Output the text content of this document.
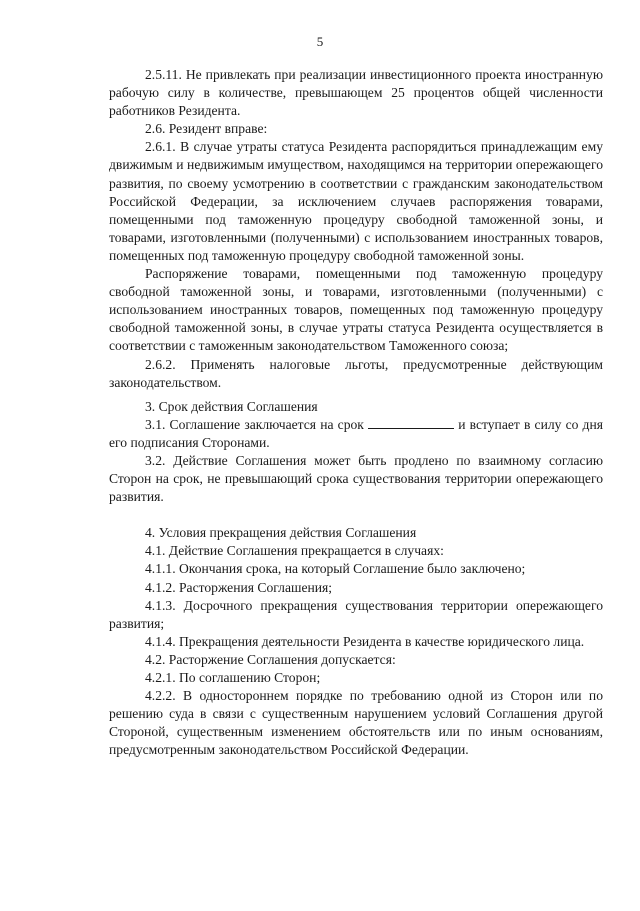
5

2.5.11. Не привлекать при реализации инвестиционного проекта иностранную рабочую силу в количестве, превышающем 25 процентов общей численности работников Резидента.

2.6. Резидент вправе:

2.6.1. В случае утраты статуса Резидента распорядиться принадлежащим ему движимым и недвижимым имуществом, находящимся на территории опережающего развития, по своему усмотрению в соответствии с гражданским законодательством Российской Федерации, за исключением случаев распоряжения товарами, помещенными под таможенную процедуру свободной таможенной зоны, и товарами, изготовленными (полученными) с использованием иностранных товаров, помещенных под таможенную процедуру свободной таможенной зоны.

Распоряжение товарами, помещенными под таможенную процедуру свободной таможенной зоны, и товарами, изготовленными (полученными) с использованием иностранных товаров, помещенных под таможенную процедуру свободной таможенной зоны, в случае утраты статуса Резидента осуществляется в соответствии с таможенным законодательством Таможенного союза;

2.6.2. Применять налоговые льготы, предусмотренные действующим законодательством.

3. Срок действия Соглашения

3.1. Соглашение заключается на срок	и вступает в силу со дня его подписания Сторонами.

3.2. Действие Соглашения может быть продлено по взаимному согласию Сторон на срок, не превышающий срока существования территории опережающего развития.

4. Условия прекращения действия Соглашения

4.1. Действие Соглашения прекращается в случаях:

4.1.1. Окончания срока, на который Соглашение было заключено;

4.1.2. Расторжения Соглашения;

4.1.3. Досрочного прекращения существования территории опережающего развития;

4.1.4. Прекращения деятельности Резидента в качестве юридического лица.

4.2. Расторжение Соглашения допускается:

4.2.1. По соглашению Сторон;

4.2.2. В одностороннем порядке по требованию одной из Сторон или по решению суда в связи с существенным нарушением условий Соглашения другой Стороной, существенным изменением обстоятельств или по иным основаниям, предусмотренным законодательством Российской Федерации.
